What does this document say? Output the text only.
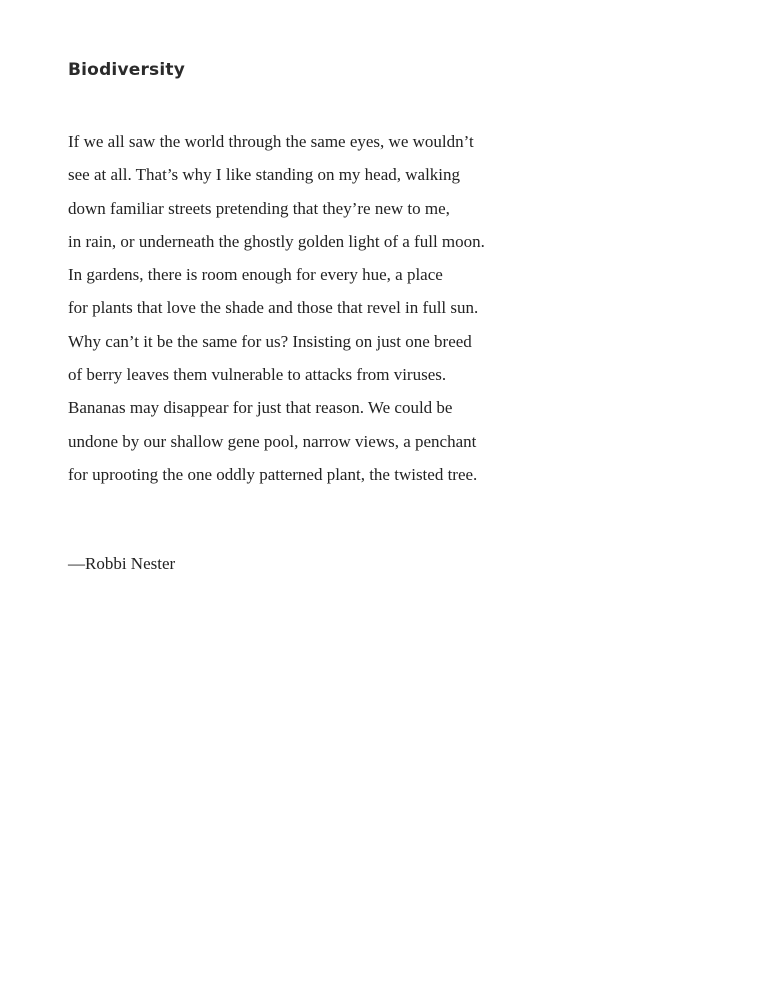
Biodiversity
If we all saw the world through the same eyes, we wouldn’t
see at all. That’s why I like standing on my head, walking
down familiar streets pretending that they’re new to me,
in rain, or underneath the ghostly golden light of a full moon.
In gardens, there is room enough for every hue, a place
for plants that love the shade and those that revel in full sun.
Why can’t it be the same for us? Insisting on just one breed
of berry leaves them vulnerable to attacks from viruses.
Bananas may disappear for just that reason. We could be
undone by our shallow gene pool, narrow views, a penchant
for uprooting the one oddly patterned plant, the twisted tree.

—Robbi Nester
